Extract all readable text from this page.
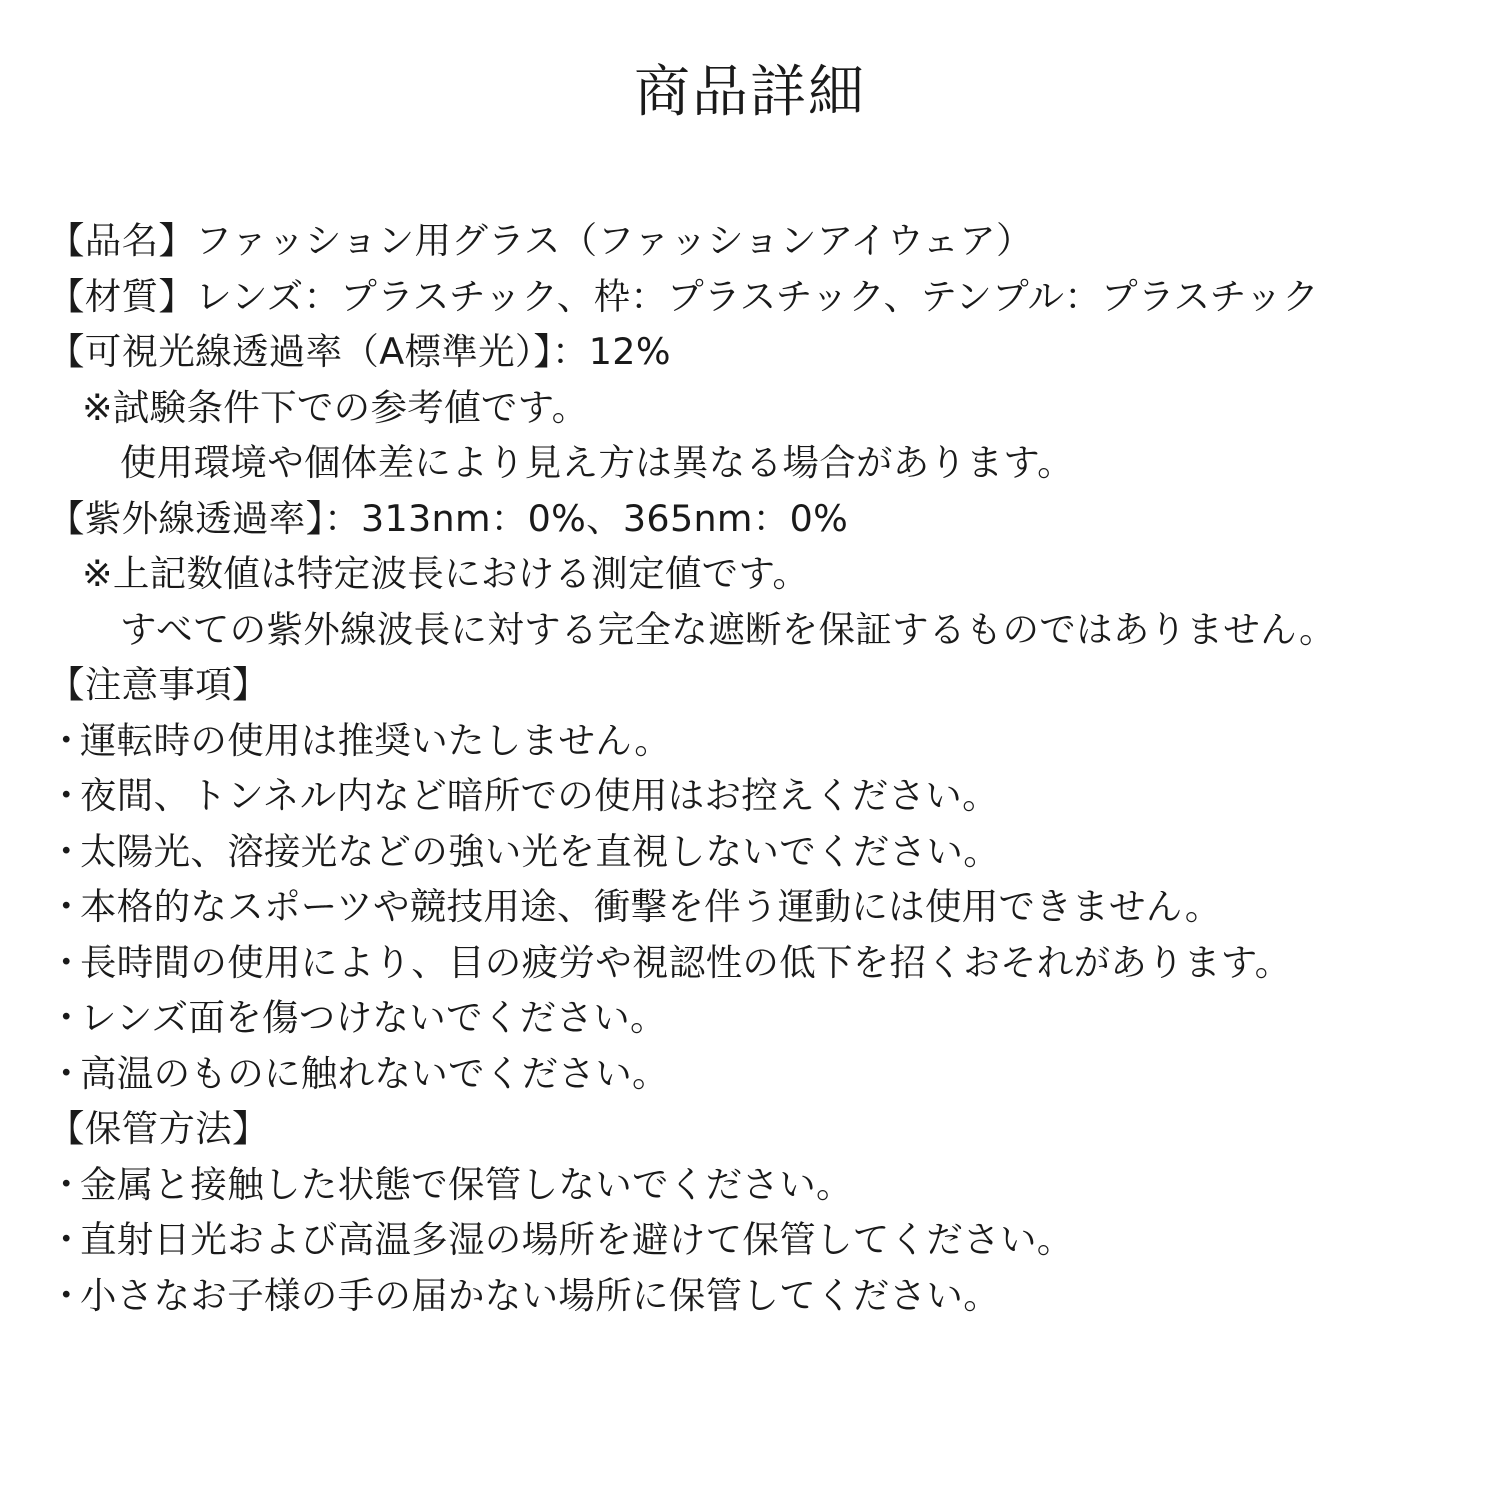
商品詳細
【品名】ファッション用グラス（ファッションアイウェア）
【材質】レンズ：プラスチック、枠：プラスチック、テンプル：プラスチック
【可視光線透過率（A標準光）】：12%
※試験条件下での参考値です。
使用環境や個体差により見え方は異なる場合があります。
【紫外線透過率】：313nm：0%、365nm：0%
※上記数値は特定波長における測定値です。
すべての紫外線波長に対する完全な遮断を保証するものではありません。
【注意事項】
・運転時の使用は推奨いたしません。
・夜間、トンネル内など暗所での使用はお控えください。
・太陽光、溶接光などの強い光を直視しないでください。
・本格的なスポーツや競技用途、衝撃を伴う運動には使用できません。
・長時間の使用により、目の疲労や視認性の低下を招くおそれがあります。
・レンズ面を傷つけないでください。
・高温のものに触れないでください。
【保管方法】
・金属と接触した状態で保管しないでください。
・直射日光および高温多湿の場所を避けて保管してください。
・小さなお子様の手の届かない場所に保管してください。
